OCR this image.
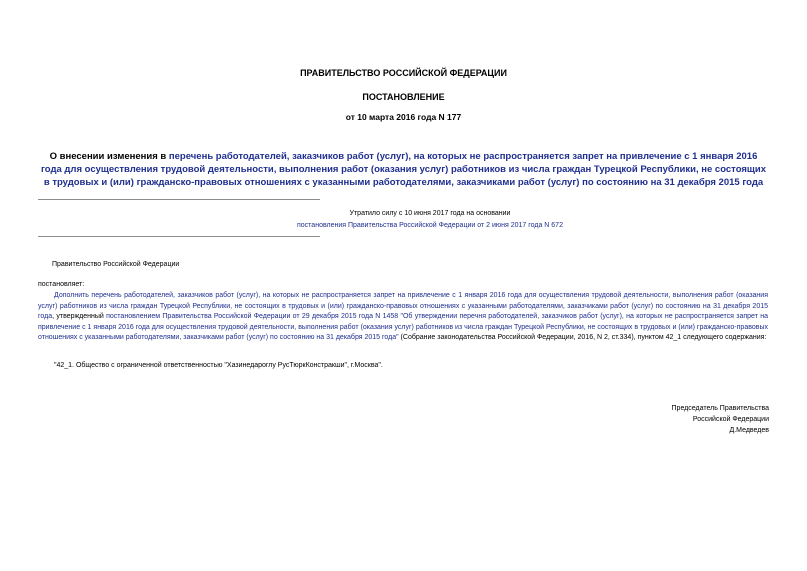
ПРАВИТЕЛЬСТВО РОССИЙСКОЙ ФЕДЕРАЦИИ
ПОСТАНОВЛЕНИЕ
от 10 марта 2016 года N 177
О внесении изменения в перечень работодателей, заказчиков работ (услуг), на которых не распространяется запрет на привлечение с 1 января 2016 года для осуществления трудовой деятельности, выполнения работ (оказания услуг) работников из числа граждан Турецкой Республики, не состоящих в трудовых и (или) гражданско-правовых отношениях с указанными работодателями, заказчиками работ (услуг) по состоянию на 31 декабря 2015 года
Утратило силу с 10 июня 2017 года на основании
постановления Правительства Российской Федерации от 2 июня 2017 года N 672
Правительство Российской Федерации
постановляет:

Дополнить перечень работодателей, заказчиков работ (услуг), на которых не распространяется запрет на привлечение с 1 января 2016 года для осуществления трудовой деятельности, выполнения работ (оказания услуг) работников из числа граждан Турецкой Республики, не состоящих в трудовых и (или) гражданско-правовых отношениях с указанными работодателями, заказчиками работ (услуг) по состоянию на 31 декабря 2015 года, утвержденный постановлением Правительства Российской Федерации от 29 декабря 2015 года N 1458 "Об утверждении перечня работодателей, заказчиков работ (услуг), на которых не распространяется запрет на привлечение с 1 января 2016 года для осуществления трудовой деятельности, выполнения работ (оказания услуг) работников из числа граждан Турецкой Республики, не состоящих в трудовых и (или) гражданско-правовых отношениях с указанными работодателями, заказчиками работ (услуг) по состоянию на 31 декабря 2015 года" (Собрание законодательства Российской Федерации, 2016, N 2, ст.334), пунктом 42_1 следующего содержания:

"42_1. Общество с ограниченной ответственностью "Хазинедароглу РусТюркКонстракши", г.Москва".
Председатель Правительства
Российской Федерации
Д.Медведев
